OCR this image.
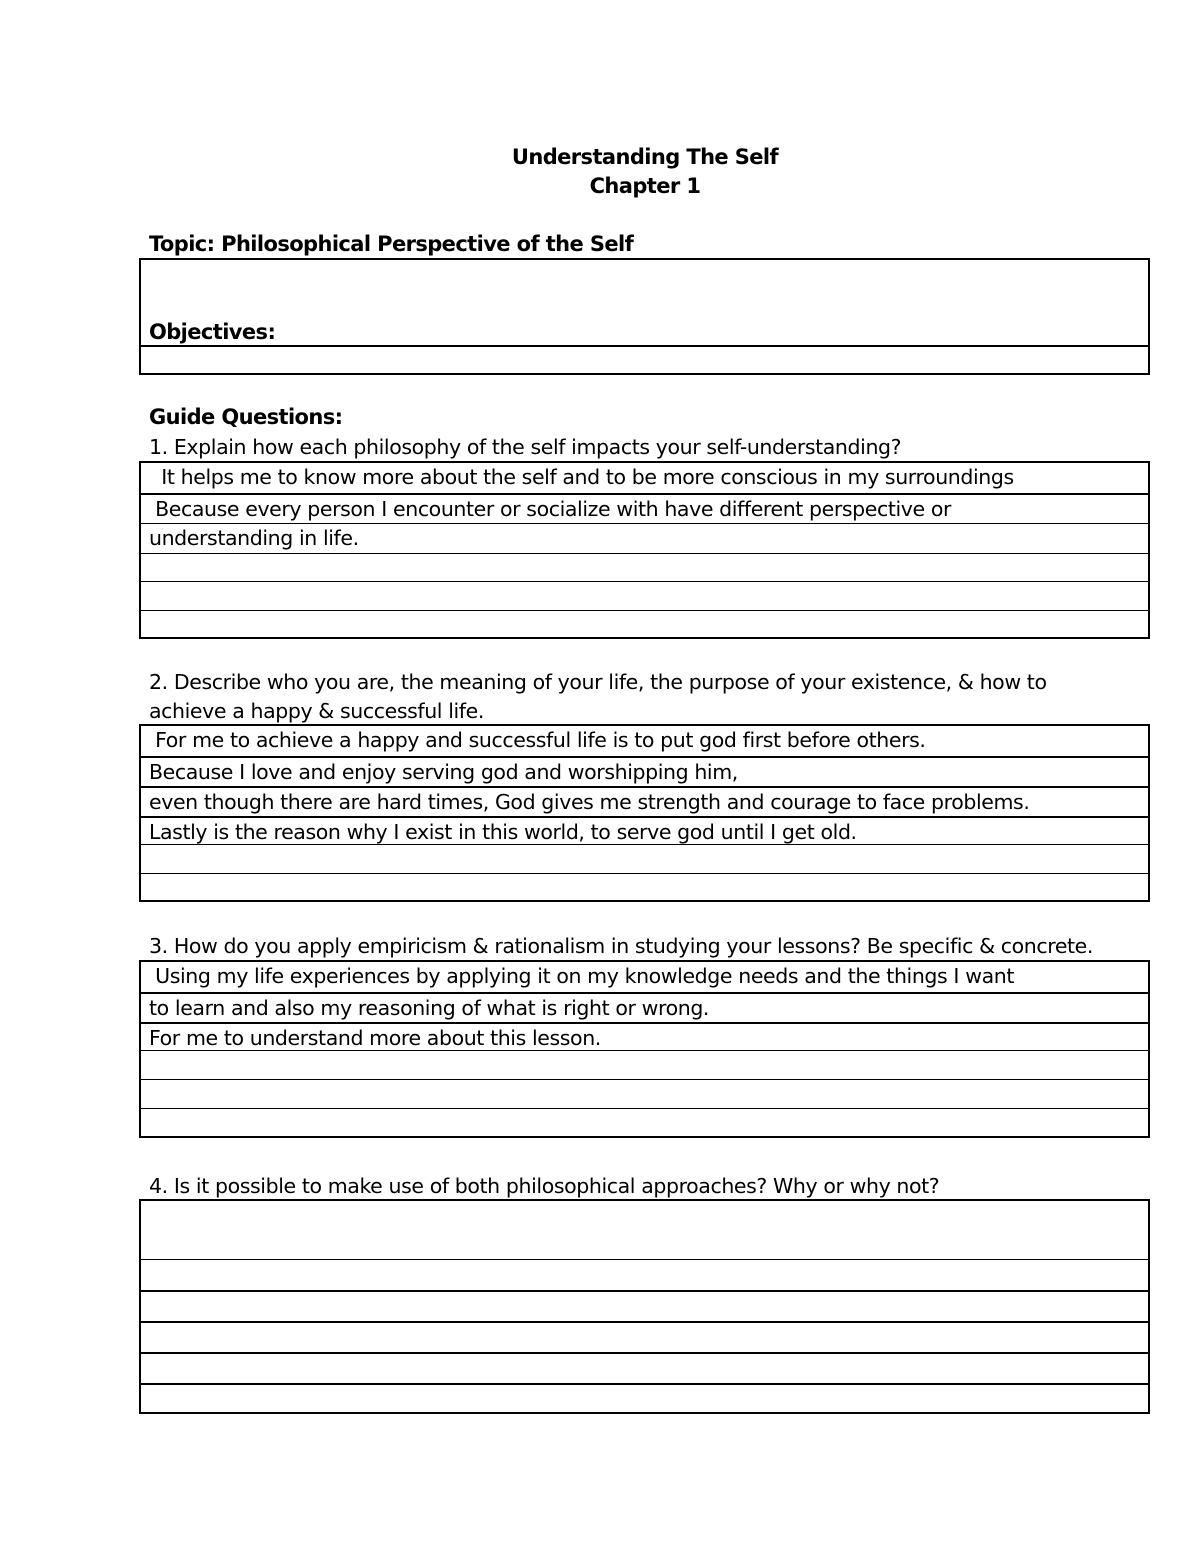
Understanding The Self
Chapter 1
Topic: Philosophical Perspective of the Self

Objectives:

Guide Questions:
1. Explain how each philosophy of the self impacts your self-understanding?
It helps me to know more about the self and to be more conscious in my surroundings
Because every person I encounter or socialize with have different perspective or
understanding in life.
2. Describe who you are, the meaning of your life, the purpose of your existence, & how to
achieve a happy & successful life.
For me to achieve a happy and successful life is to put god first before others.
Because I love and enjoy serving god and worshipping him,
even though there are hard times, God gives me strength and courage to face problems.
Lastly is the reason why I exist in this world, to serve god until I get old.
3. How do you apply empiricism & rationalism in studying your lessons? Be specific & concrete.
Using my life experiences by applying it on my knowledge needs and the things I want
to learn and also my reasoning of what is right or wrong.
For me to understand more about this lesson.
4. Is it possible to make use of both philosophical approaches? Why or why not?
